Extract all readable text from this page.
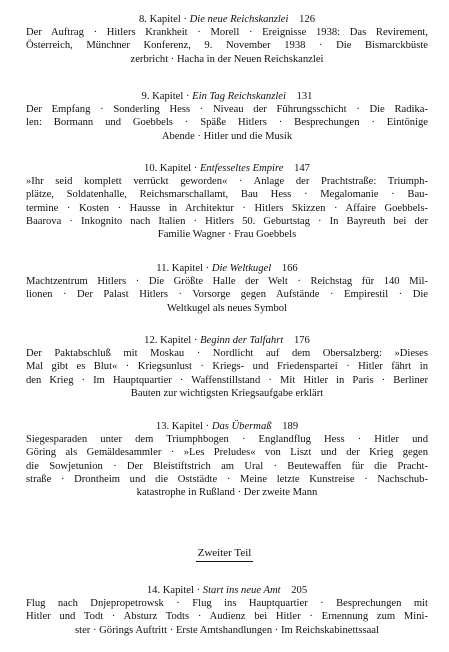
8. Kapitel · Die neue Reichskanzlei 126
Der Auftrag · Hitlers Krankheit · Morell · Ereignisse 1938: Das Revirement,
Österreich, Münchner Konferenz, 9. November 1938 · Die Bismarckbüste
zerbricht · Hacha in der Neuen Reichskanzlei
9. Kapitel · Ein Tag Reichskanzlei 131
Der Empfang · Sonderling Hess · Niveau der Führungsschicht · Die Radika-
len: Bormann und Goebbels · Späße Hitlers · Besprechungen · Eintönige
Abende · Hitler und die Musik
10. Kapitel · Entfesseltes Empire 147
»Ihr seid komplett verrückt geworden« · Anlage der Prachtstraße: Triumph-
plätze, Soldatenhalle, Reichsmarschallamt, Bau Hess · Megalomanie · Bau-
termine · Kosten · Hausse in Architektur · Hitlers Skizzen · Affaire Goebbels-
Baarova · Inkognito nach Italien · Hitlers 50. Geburtstag · In Bayreuth bei der
Familie Wagner · Frau Goebbels
11. Kapitel · Die Weltkugel 166
Machtzentrum Hitlers · Die Größte Halle der Welt · Reichstag für 140 Mil-
lionen · Der Palast Hitlers · Vorsorge gegen Aufstände · Empirestil · Die
Weltkugel als neues Symbol
12. Kapitel · Beginn der Talfahrt 176
Der Paktabschluß mit Moskau · Nordlicht auf dem Obersalzberg: »Dieses
Mal gibt es Blut« · Kriegsunlust · Kriegs- und Friedenspartei · Hitler fährt in
den Krieg · Im Hauptquartier · Waffenstillstand · Mit Hitler in Paris · Berliner
Bauten zur wichtigsten Kriegsaufgabe erklärt
13. Kapitel · Das Übermaß 189
Siegesparaden unter dem Triumphbogen · Englandflug Hess · Hitler und
Göring als Gemäldesammler · »Les Preludes« von Liszt und der Krieg gegen
die Sowjetunion · Der Bleistiftstrich am Ural · Beutewaffen für die Pracht-
straße · Drontheim und die Oststädte · Meine letzte Kunstreise · Nachschub-
katastrophe in Rußland · Der zweite Mann
Zweiter Teil
14. Kapitel · Start ins neue Amt 205
Flug nach Dnjepropetrowsk · Flug ins Hauptquartier · Besprechungen mit
Hitler und Todt · Absturz Todts · Audienz bei Hitler · Ernennung zum Mini-
ster · Görings Auftritt · Erste Amtshandlungen · Im Reichskabinettssaal
